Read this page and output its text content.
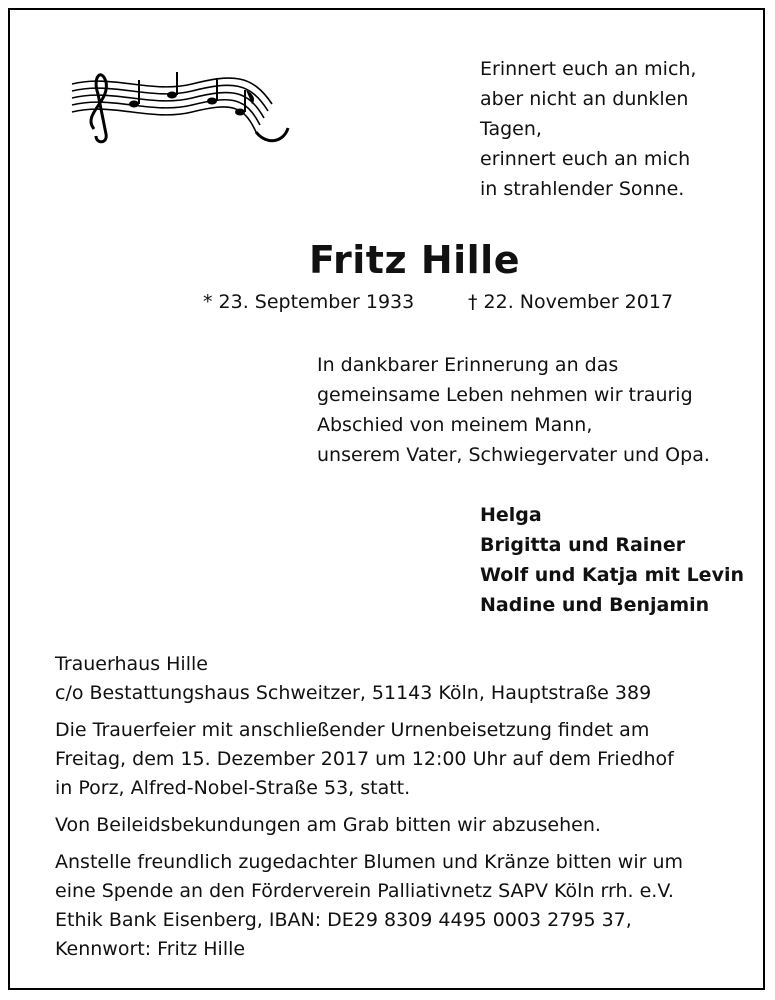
Erinnert euch an mich,
aber nicht an dunklen
Tagen,
erinnert euch an mich
in strahlender Sonne.
Fritz Hille
* 23. September 1933	† 22. November 2017
In dankbarer Erinnerung an das
gemeinsame Leben nehmen wir traurig
Abschied von meinem Mann,
unserem Vater, Schwiegervater und Opa.
Helga
Brigitta und Rainer
Wolf und Katja mit Levin
Nadine und Benjamin
Trauerhaus Hille
c/o Bestattungshaus Schweitzer, 51143 Köln, Hauptstraße 389
Die Trauerfeier mit anschließender Urnenbeisetzung findet am
Freitag, dem 15. Dezember 2017 um 12:00 Uhr auf dem Friedhof
in Porz, Alfred-Nobel-Straße 53, statt.
Von Beileidsbekundungen am Grab bitten wir abzusehen.
Anstelle freundlich zugedachter Blumen und Kränze bitten wir um
eine Spende an den Förderverein Palliativnetz SAPV Köln rrh. e.V.
Ethik Bank Eisenberg, IBAN: DE29 8309 4495 0003 2795 37,
Kennwort: Fritz Hille
